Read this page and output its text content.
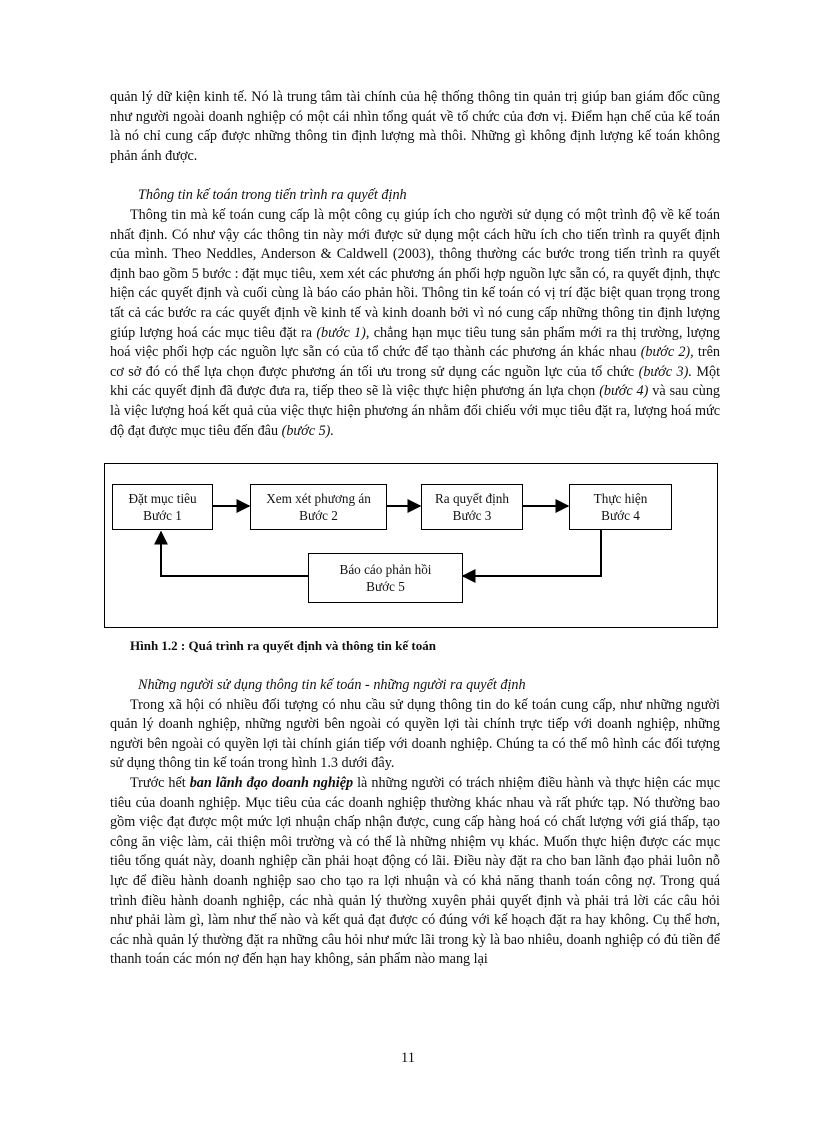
quản lý dữ kiện kinh tế. Nó là trung tâm tài chính của hệ thống thông tin quản trị giúp ban giám đốc cũng như người ngoài doanh nghiệp có một cái nhìn tổng quát về tổ chức của đơn vị. Điểm hạn chế của kế toán là nó chỉ cung cấp được những thông tin định lượng mà thôi. Những gì không định lượng kế toán không phản ánh được.

Thông tin kế toán trong tiến trình ra quyết định

Thông tin mà kế toán cung cấp là một công cụ giúp ích cho người sử dụng có một trình độ về kế toán nhất định. Có như vậy các thông tin này mới được sử dụng một cách hữu ích cho tiến trình ra quyết định của mình. Theo Neddles, Anderson & Caldwell (2003), thông thường các bước trong tiến trình ra quyết định bao gồm 5 bước : đặt mục tiêu, xem xét các phương án phối hợp nguồn lực sẵn có, ra quyết định, thực hiện các quyết định và cuối cùng là báo cáo phản hồi. Thông tin kế toán có vị trí đặc biệt quan trọng trong tất cả các bước ra các quyết định về kinh tế và kinh doanh bởi vì nó cung cấp những thông tin định lượng giúp lượng hoá các mục tiêu đặt ra (bước 1), chẳng hạn mục tiêu tung sản phẩm mới ra thị trường, lượng hoá việc phối hợp các nguồn lực sẵn có của tổ chức để tạo thành các phương án khác nhau (bước 2), trên cơ sở đó có thể lựa chọn được phương án tối ưu trong sử dụng các nguồn lực của tổ chức (bước 3). Một khi các quyết định đã được đưa ra, tiếp theo sẽ là việc thực hiện phương án lựa chọn (bước 4) và sau cùng là việc lượng hoá kết quả của việc thực hiện phương án nhằm đối chiếu với mục tiêu đặt ra, lượng hoá mức độ đạt được mục tiêu đến đâu (bước 5).

Đặt mục tiêu
Bước 1
Xem xét phương án
Bước 2
Ra quyết định
Bước 3
Thực hiện
Bước 4
Báo cáo phản hồi
Bước 5

Hình 1.2 : Quá trình ra quyết định và thông tin kế toán

Những người sử dụng thông tin kế toán - những người ra quyết định

Trong xã hội có nhiều đối tượng có nhu cầu sử dụng thông tin do kế toán cung cấp, như những người quản lý doanh nghiệp, những người bên ngoài có quyền lợi tài chính trực tiếp với doanh nghiệp, những người bên ngoài có quyền lợi tài chính gián tiếp với doanh nghiệp. Chúng ta có thể mô hình các đối tượng sử dụng thông tin kế toán trong hình 1.3 dưới đây.

Trước hết ban lãnh đạo doanh nghiệp là những người có trách nhiệm điều hành và thực hiện các mục tiêu của doanh nghiệp. Mục tiêu của các doanh nghiệp thường khác nhau và rất phức tạp. Nó thường bao gồm việc đạt được một mức lợi nhuận chấp nhận được, cung cấp hàng hoá có chất lượng với giá thấp, tạo công ăn việc làm, cải thiện môi trường và có thể là những nhiệm vụ khác. Muốn thực hiện được các mục tiêu tổng quát này, doanh nghiệp cần phải hoạt động có lãi. Điều này đặt ra cho ban lãnh đạo phải luôn nỗ lực để điều hành doanh nghiệp sao cho tạo ra lợi nhuận và có khả năng thanh toán công nợ. Trong quá trình điều hành doanh nghiệp, các nhà quản lý thường xuyên phải quyết định và phải trả lời các câu hỏi như phải làm gì, làm như thế nào và kết quả đạt được có đúng với kế hoạch đặt ra hay không. Cụ thể hơn, các nhà quản lý thường đặt ra những câu hỏi như mức lãi trong kỳ là bao nhiêu, doanh nghiệp có đủ tiền để thanh toán các món nợ đến hạn hay không, sản phẩm nào mang lại

11
